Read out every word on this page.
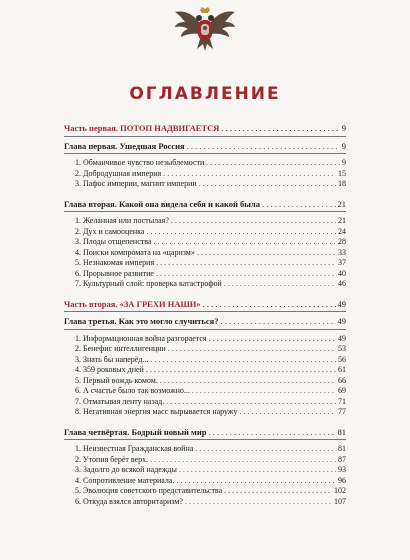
ОГЛАВЛЕНИЕ
Часть первая. ПОТОП НАДВИГАЕТСЯ . . .	9
Глава первая. Ушедшая Россия . . .	9
1. Обманчивое чувство незыблемости . . .	9
2. Добродушная империя . . .	15
3. Пафос империи, магнит империи . . .	18
Глава вторая. Какой она видела себя и какой была . . .	21
1. Желанная или постылая? . . .	21
2. Дух и самооценка . . .	24
3. Плоды отщепенства . . .	28
4. Поиски компромата на «царизм» . . .	33
5. Незнакомая империя . . .	37
6. Прорывное развитие . . .	40
7. Культурный слой: проверка катастрофой . . .	46
Часть вторая. «ЗА ГРЕХИ НАШИ» . . .	49
Глава третья. Как это могло случиться? . . .	49
1. Информационная война разгорается . . .	49
2. Бенефис интеллигенции . . .	53
3. Знать бы наперёд... . . .	56
4. 359 роковых дней . . .	61
5. Первый вождь комом. . . .	66
6. А счастье было так возможно... . . .	69
7. Отматывая ленту назад. . . .	71
8. Негативная энергия масс вырывается наружу . . .	77
Глава четвёртая. Бодрый новый мир . . .	81
1. Неизвестная Гражданская война . . .	81
2. Утопия берёт верх. . . .	87
3. Задолго до всякой надежды . . .	93
4. Сопротивление материала. . . .	96
5. Эволюция советского представительства . . .	102
6. Откуда взялся авторитаризм? . . .	107
